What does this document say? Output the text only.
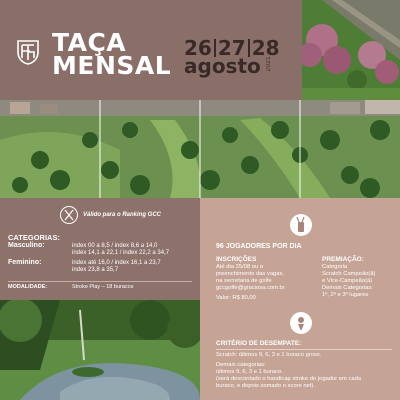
TAÇA
MENSAL
26 27 28
agosto 2021
Válido para o Ranking GCC
CATEGORIAS:
Masculino:	index 00 a 8,5 / index 8,6 a 14,0
index 14,1 a 22,1 / index 22,2 a 34,7
Feminino:	index até 16,0 / index 16,1 a 23,7
index 23,8 a 35,7
MODALIDADE:	Stroke Play – 18 buracos
96 JOGADORES POR DIA
INSCRIÇÕES
Até dia 25/08 ou o
preenchimento das vagas,
na secretaria de golfe
gccgolfe@graciosa.com.br
Valor: R$ 80,00
PREMIAÇÃO:
Categoria
Scratch Campeão(ã)
e Vice-Campeão(ã)
Demais Categorias:
1º, 2º e 3º lugares
CRITÉRIO DE DESEMPATE:
Scratch: últimos 9, 6, 3 e 1 buraco gross.
Demais categorias:
últimos 9, 6, 3 e 1 buraco.
(será descontado o handicap stroke do jogador em cada
buraco, e depois somado o score net).
